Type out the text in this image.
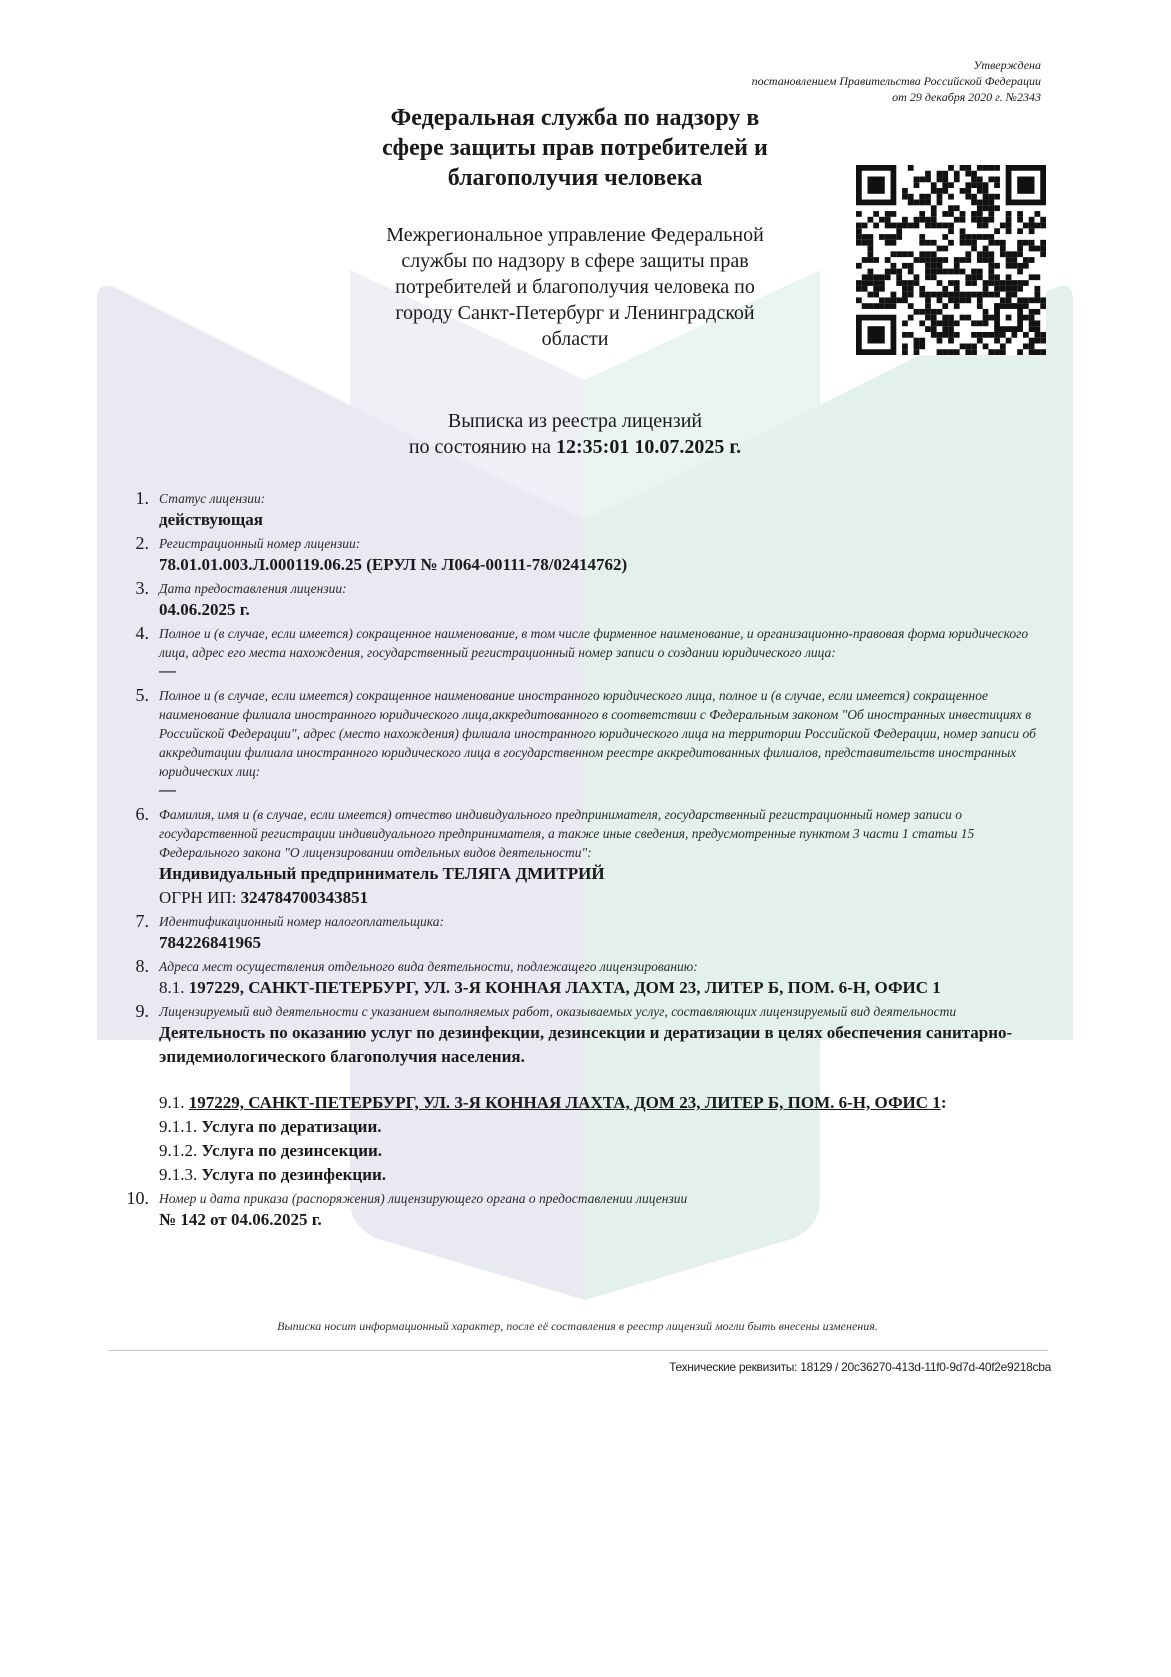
Утверждена
постановлением Правительства Российской Федерации
от 29 декабря 2020 г. №2343
Федеральная служба по надзору в
сфере защиты прав потребителей и
благополучия человека
Межрегиональное управление Федеральной
службы по надзору в сфере защиты прав
потребителей и благополучия человека по
городу Санкт-Петербург и Ленинградской
области
Выписка из реестра лицензий
по состоянию на 12:35:01 10.07.2025 г.
1. Статус лицензии:
действующая
2. Регистрационный номер лицензии:
78.01.01.003.Л.000119.06.25 (ЕРУЛ № Л064-00111-78/02414762)
3. Дата предоставления лицензии:
04.06.2025 г.
4. Полное и (в случае, если имеется) сокращенное наименование, в том числе фирменное наименование, и организационно-правовая форма юридического лица, адрес его места нахождения, государственный регистрационный номер записи о создании юридического лица:
—
5. Полное и (в случае, если имеется) сокращенное наименование иностранного юридического лица, полное и (в случае, если имеется) сокращенное наименование филиала иностранного юридического лица,аккредитованного в соответствии с Федеральным законом "Об иностранных инвестициях в Российской Федерации", адрес (место нахождения) филиала иностранного юридического лица на территории Российской Федерации, номер записи об аккредитации филиала иностранного юридического лица в государственном реестре аккредитованных филиалов, представительств иностранных юридических лиц:
—
6. Фамилия, имя и (в случае, если имеется) отчество индивидуального предпринимателя, государственный регистрационный номер записи о государственной регистрации индивидуального предпринимателя, а также иные сведения, предусмотренные пунктом 3 части 1 статьи 15 Федерального закона "О лицензировании отдельных видов деятельности":
Индивидуальный предприниматель ТЕЛЯГА ДМИТРИЙ
ОГРН ИП: 324784700343851
7. Идентификационный номер налогоплательщика:
784226841965
8. Адреса мест осуществления отдельного вида деятельности, подлежащего лицензированию:
8.1. 197229, САНКТ-ПЕТЕРБУРГ, УЛ. 3-Я КОННАЯ ЛАХТА, ДОМ 23, ЛИТЕР Б, ПОМ. 6-Н, ОФИС 1
9. Лицензируемый вид деятельности с указанием выполняемых работ, оказываемых услуг, составляющих лицензируемый вид деятельности
Деятельность по оказанию услуг по дезинфекции, дезинсекции и дератизации в целях обеспечения санитарно-эпидемиологического благополучия населения.
9.1. 197229, САНКТ-ПЕТЕРБУРГ, УЛ. 3-Я КОННАЯ ЛАХТА, ДОМ 23, ЛИТЕР Б, ПОМ. 6-Н, ОФИС 1:
9.1.1. Услуга по дератизации.
9.1.2. Услуга по дезинсекции.
9.1.3. Услуга по дезинфекции.
10. Номер и дата приказа (распоряжения) лицензирующего органа о предоставлении лицензии
№ 142 от 04.06.2025 г.
Выписка носит информационный характер, после её составления в реестр лицензий могли быть внесены изменения.
Технические реквизиты: 18129 / 20c36270-413d-11f0-9d7d-40f2e9218cba
